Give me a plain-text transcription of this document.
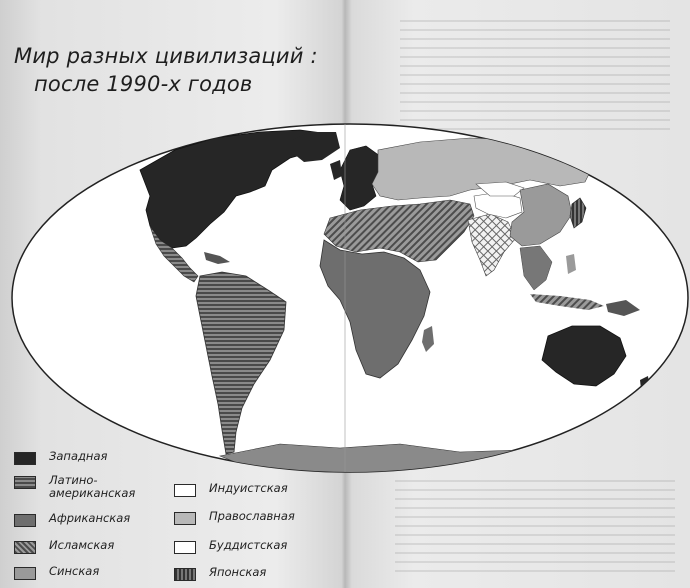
Мир разных цивилизаций :
после 1990-х годов
Западная
Латино-
американская
Африканская
Исламская
Синская
Индуистская
Православная
Буддистская
Японская
